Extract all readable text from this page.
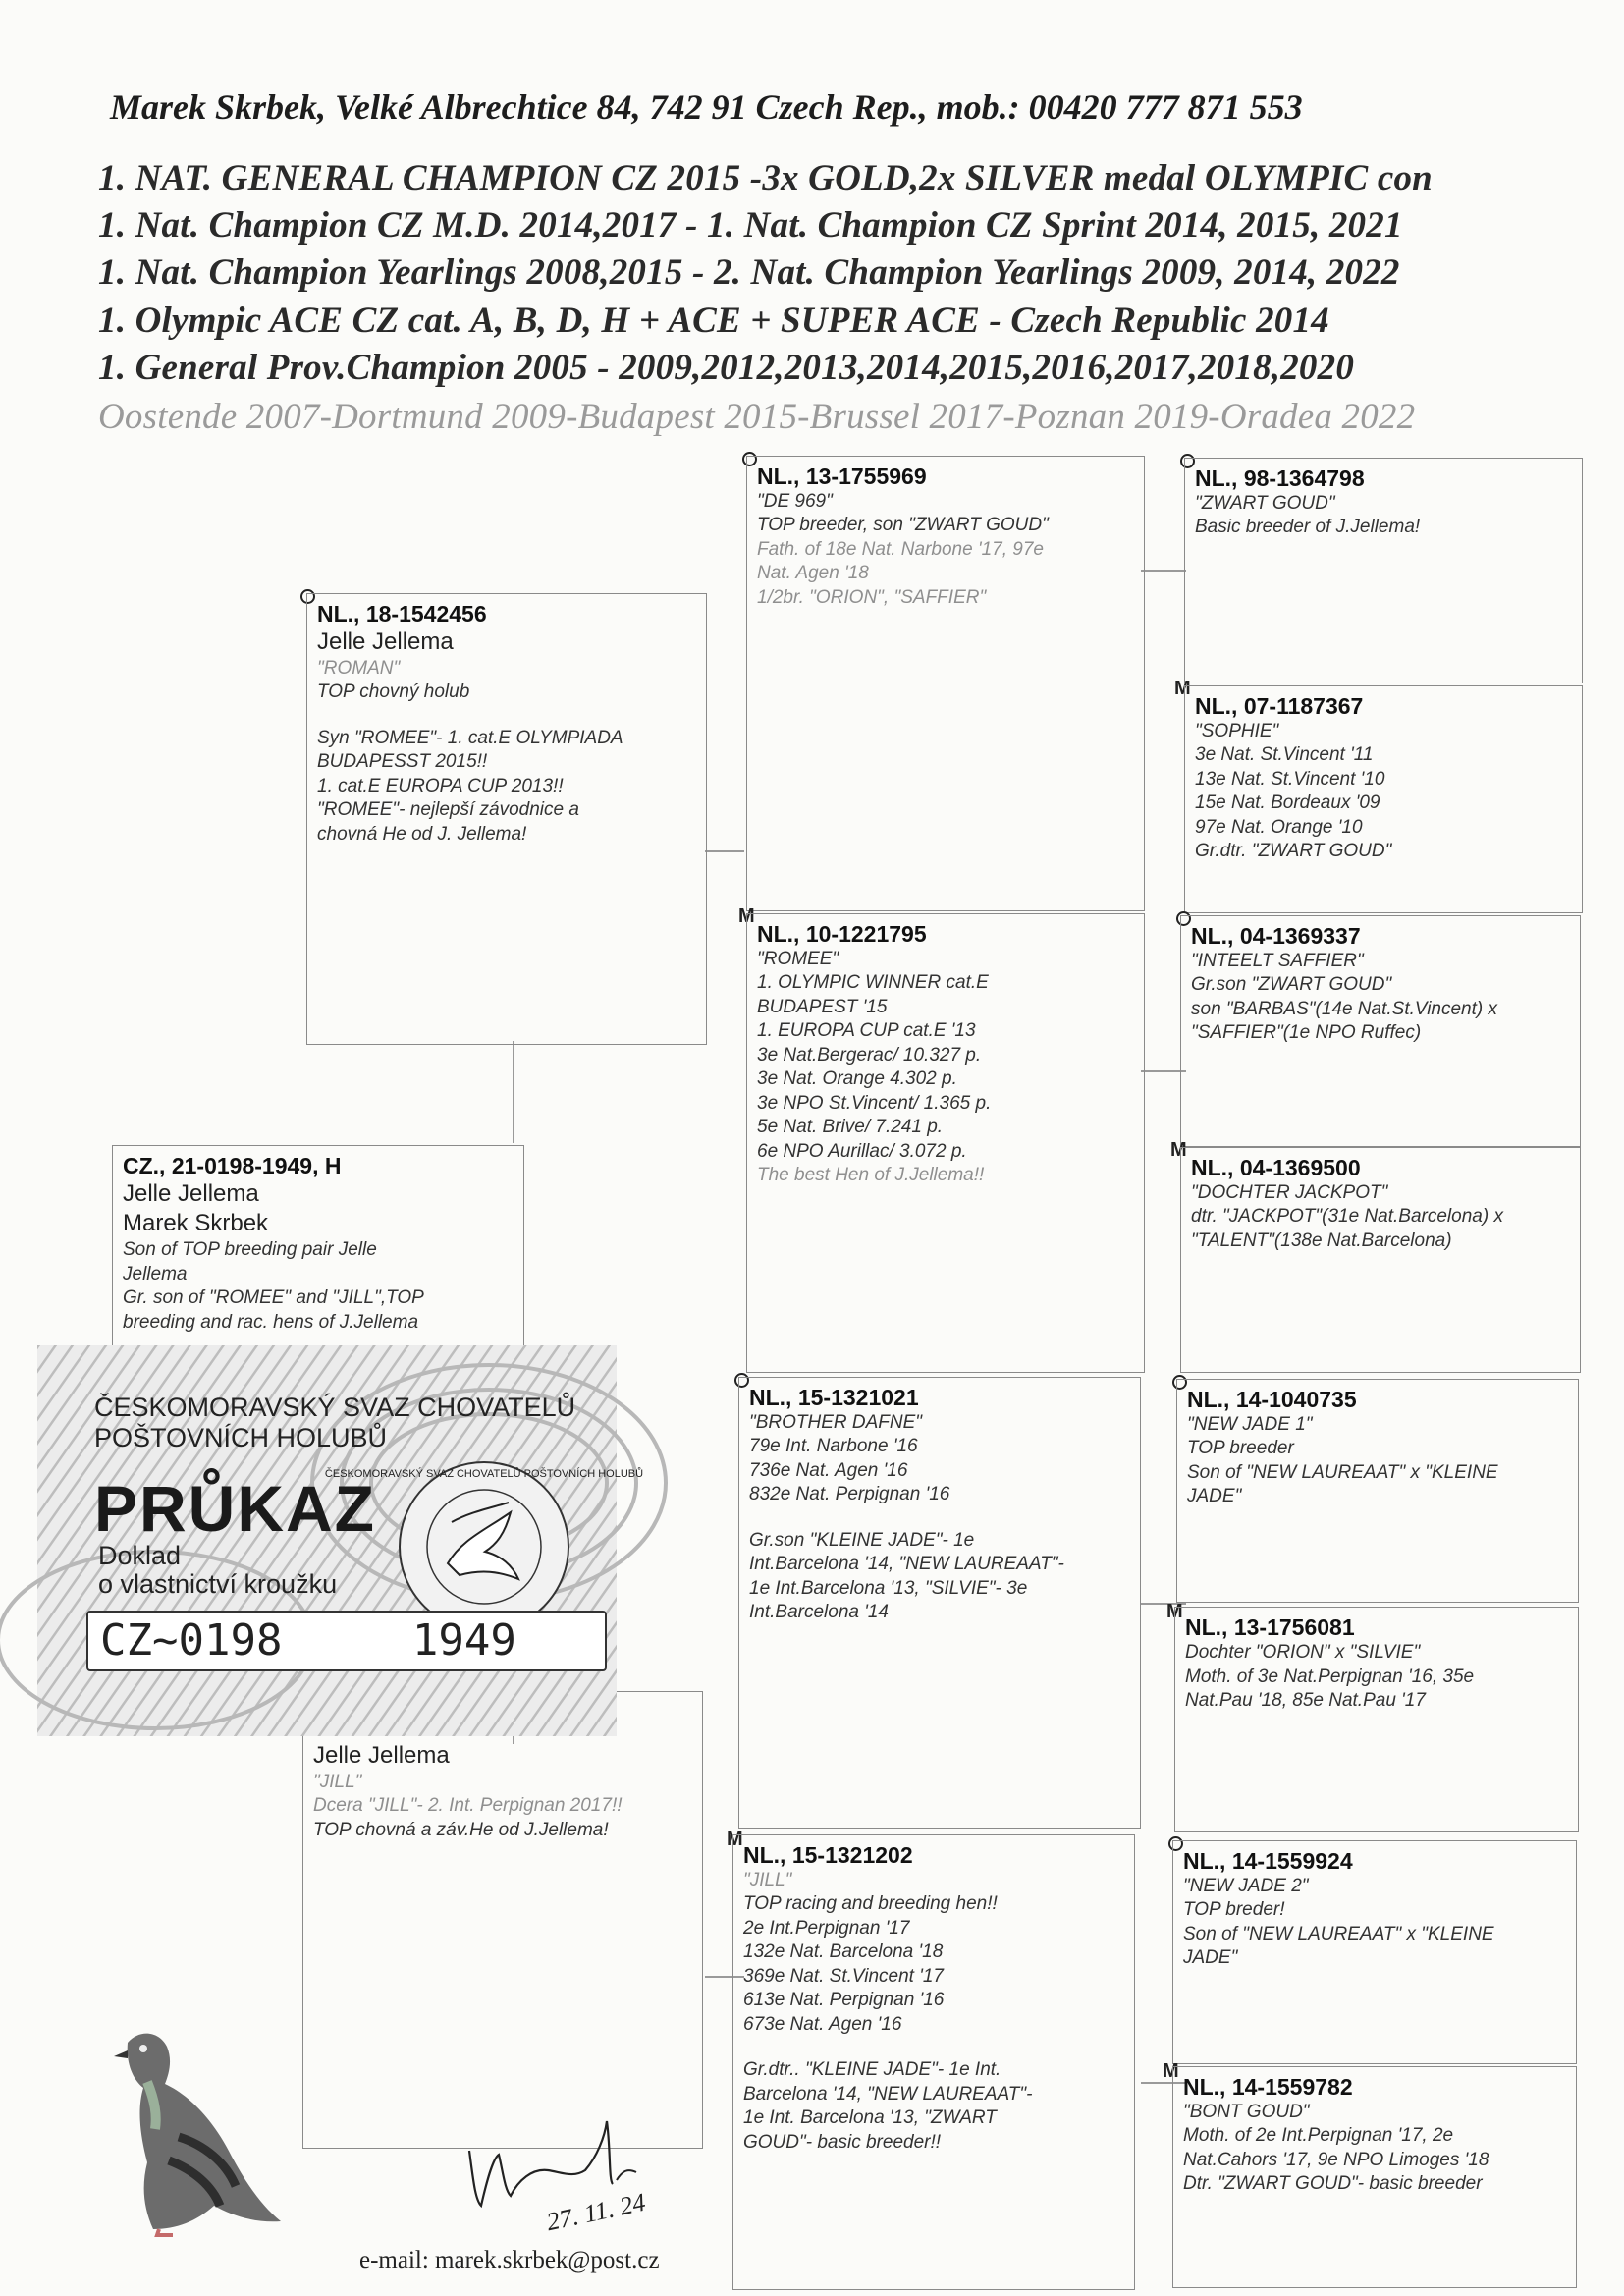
Marek Skrbek, Velké Albrechtice 84, 742 91 Czech Rep., mob.: 00420 777 871 553
1. NAT. GENERAL CHAMPION CZ 2015 -3x GOLD,2x SILVER medal OLYMPIC con
1. Nat. Champion CZ M.D. 2014,2017 - 1. Nat. Champion CZ Sprint 2014, 2015, 2021
1. Nat. Champion Yearlings 2008,2015 - 2. Nat. Champion Yearlings 2009, 2014, 2022
1. Olympic ACE CZ cat. A, B, D, H + ACE + SUPER ACE - Czech Republic 2014
1. General Prov.Champion 2005 - 2009,2012,2013,2014,2015,2016,2017,2018,2020
Oostende 2007-Dortmund 2009-Budapest 2015-Brussel 2017-Poznan 2019-Oradea 2022
CZ., 21-0198-1949, H
Jelle Jellema
Marek Skrbek
Son of TOP breeding pair Jelle
Jellema
Gr. son of "ROMEE" and "JILL",TOP
breeding and rac. hens of J.Jellema
NL., 18-1542456
Jelle Jellema
"ROMAN"
TOP chovný holub
Syn "ROMEE"- 1. cat.E OLYMPIADA
BUDAPESST 2015!!
1. cat.E EUROPA CUP 2013!!
"ROMEE"- nejlepší závodnice a
chovná He od J. Jellema!
Jelle Jellema
"JILL"
Dcera "JILL"- 2. Int. Perpignan 2017!!
TOP chovná a záv.He od J.Jellema!
NL., 13-1755969
"DE 969"
TOP breeder, son "ZWART GOUD"
Fath. of 18e Nat. Narbone '17, 97e
Nat. Agen '18
1/2br. "ORION", "SAFFIER"
M
NL., 10-1221795
"ROMEE"
1. OLYMPIC WINNER cat.E
BUDAPEST '15
1. EUROPA CUP cat.E '13
3e Nat.Bergerac/ 10.327 p.
3e Nat. Orange 4.302 p.
3e NPO St.Vincent/ 1.365 p.
5e Nat. Brive/ 7.241 p.
6e NPO Aurillac/ 3.072 p.
The best Hen of J.Jellema!!
NL., 15-1321021
"BROTHER DAFNE"
79e Int. Narbone '16
736e Nat. Agen '16
832e Nat. Perpignan '16
Gr.son "KLEINE JADE"- 1e
Int.Barcelona '14, "NEW LAUREAAT"-
1e Int.Barcelona '13, "SILVIE"- 3e
Int.Barcelona '14
M
NL., 15-1321202
"JILL"
TOP racing and breeding hen!!
2e Int.Perpignan '17
132e Nat. Barcelona '18
369e Nat. St.Vincent '17
613e Nat. Perpignan '16
673e Nat. Agen '16
Gr.dtr.. "KLEINE JADE"- 1e Int.
Barcelona '14, "NEW LAUREAAT"-
1e Int. Barcelona '13, "ZWART
GOUD"- basic breeder!!
NL., 98-1364798
"ZWART GOUD"
Basic breeder of J.Jellema!
M
NL., 07-1187367
"SOPHIE"
3e Nat. St.Vincent '11
13e Nat. St.Vincent '10
15e Nat. Bordeaux '09
97e Nat. Orange '10
Gr.dtr. "ZWART GOUD"
NL., 04-1369337
"INTEELT SAFFIER"
Gr.son "ZWART GOUD"
son "BARBAS"(14e Nat.St.Vincent) x
"SAFFIER"(1e NPO Ruffec)
M
NL., 04-1369500
"DOCHTER JACKPOT"
dtr. "JACKPOT"(31e Nat.Barcelona) x
"TALENT"(138e Nat.Barcelona)
NL., 14-1040735
"NEW JADE 1"
TOP breeder
Son of "NEW LAUREAAT" x "KLEINE
JADE"
M
NL., 13-1756081
Dochter "ORION" x "SILVIE"
Moth. of 3e Nat.Perpignan '16, 35e
Nat.Pau '18, 85e Nat.Pau '17
NL., 14-1559924
"NEW JADE 2"
TOP breder!
Son of "NEW LAUREAAT" x "KLEINE
JADE"
M
NL., 14-1559782
"BONT GOUD"
Moth. of 2e Int.Perpignan '17, 2e
Nat.Cahors '17, 9e NPO Limoges '18
Dtr. "ZWART GOUD"- basic breeder
ČESKOMORAVSKÝ SVAZ CHOVATELŮ
POŠTOVNÍCH HOLUBŮ
PRŮKAZ
Doklad
o vlastnictví kroužku
ČESKOMORAVSKÝ SVAZ CHOVATELŮ POŠTOVNÍCH HOLUBŮ
CZ~0198     1949
27. 11. 24
e-mail: marek.skrbek@post.cz
